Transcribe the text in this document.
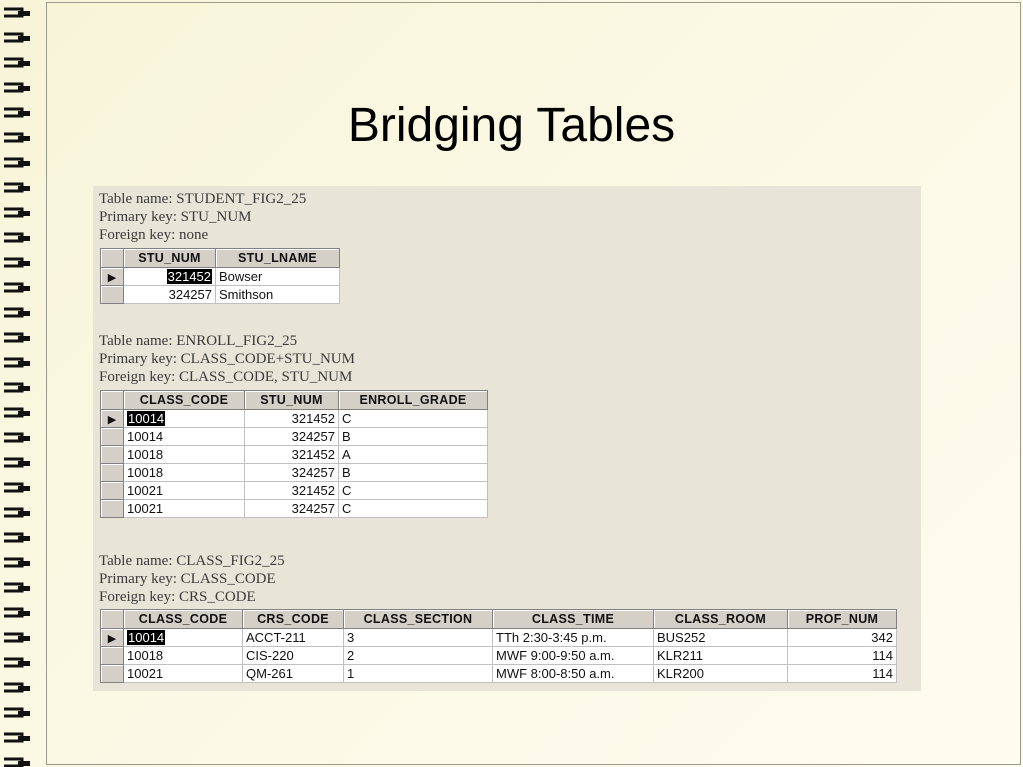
Bridging Tables
Table name: STUDENT_FIG2_25
Primary key: STU_NUM
Foreign key: none
	STU_NUM	STU_LNAME
▶	321452	Bowser
	324257	Smithson
Table name: ENROLL_FIG2_25
Primary key: CLASS_CODE+STU_NUM
Foreign key: CLASS_CODE, STU_NUM
	CLASS_CODE	STU_NUM	ENROLL_GRADE
▶	10014	321452	C
	10014	324257	B
	10018	321452	A
	10018	324257	B
	10021	321452	C
	10021	324257	C
Table name: CLASS_FIG2_25
Primary key: CLASS_CODE
Foreign key: CRS_CODE
	CLASS_CODE	CRS_CODE	CLASS_SECTION	CLASS_TIME	CLASS_ROOM	PROF_NUM
▶	10014	ACCT-211	3	TTh 2:30-3:45 p.m.	BUS252	342
	10018	CIS-220	2	MWF 9:00-9:50 a.m.	KLR211	114
	10021	QM-261	1	MWF 8:00-8:50 a.m.	KLR200	114
